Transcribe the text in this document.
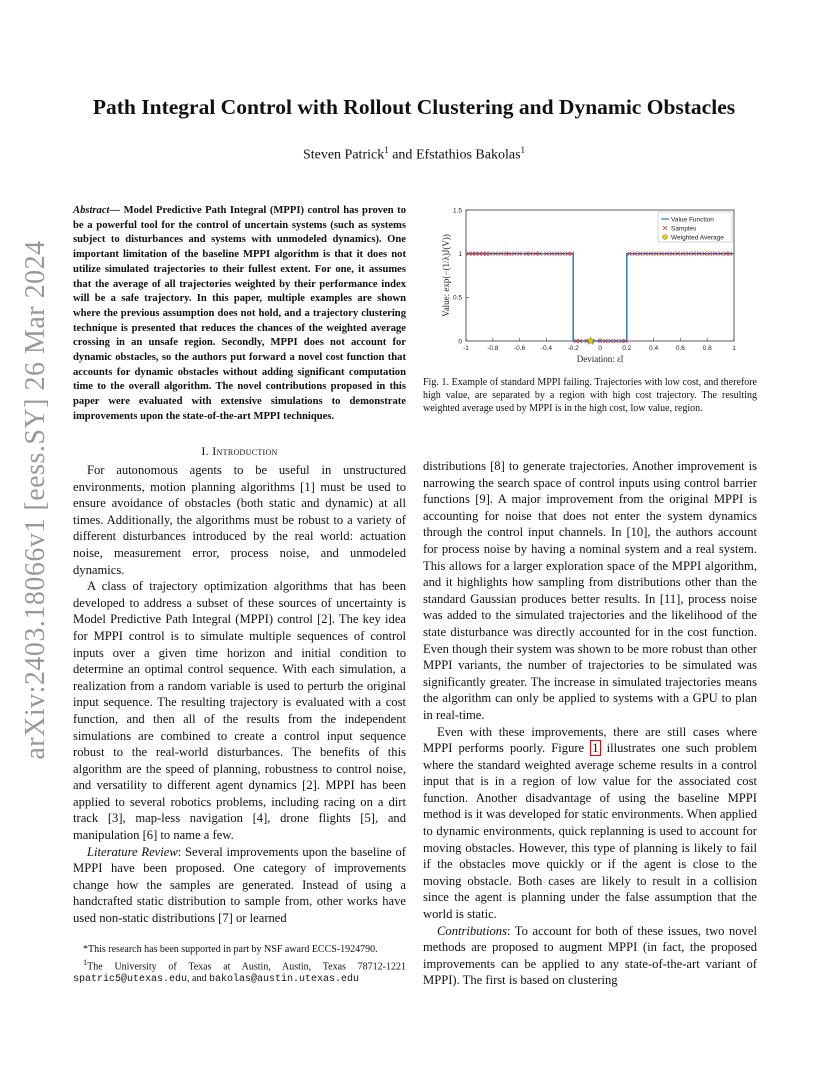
arXiv:2403.18066v1 [eess.SY] 26 Mar 2024
Path Integral Control with Rollout Clustering and Dynamic Obstacles
Steven Patrick$^1$ and Efstathios Bakolas$^1$
Abstract— Model Predictive Path Integral (MPPI) control has proven to be a powerful tool for the control of uncertain systems (such as systems subject to disturbances and systems with unmodeled dynamics). One important limitation of the baseline MPPI algorithm is that it does not utilize simulated trajectories to their fullest extent. For one, it assumes that the average of all trajectories weighted by their performance index will be a safe trajectory. In this paper, multiple examples are shown where the previous assumption does not hold, and a trajectory clustering technique is presented that reduces the chances of the weighted average crossing in an unsafe region. Secondly, MPPI does not account for dynamic obstacles, so the authors put forward a novel cost function that accounts for dynamic obstacles without adding significant computation time to the overall algorithm. The novel contributions proposed in this paper were evaluated with extensive simulations to demonstrate improvements upon the state-of-the-art MPPI techniques.
I. Introduction

For autonomous agents to be useful in unstructured environments, motion planning algorithms [1] must be used to ensure avoidance of obstacles (both static and dynamic) at all times. Additionally, the algorithms must be robust to a variety of different disturbances introduced by the real world: actuation noise, measurement error, process noise, and unmodeled dynamics.

A class of trajectory optimization algorithms that has been developed to address a subset of these sources of uncertainty is Model Predictive Path Integral (MPPI) control [2]. The key idea for MPPI control is to simulate multiple sequences of control inputs over a given time horizon and initial condition to determine an optimal control sequence. With each simulation, a realization from a random variable is used to perturb the original input sequence. The resulting trajectory is evaluated with a cost function, and then all of the results from the independent simulations are combined to create a control input sequence robust to the real-world disturbances. The benefits of this algorithm are the speed of planning, robustness to control noise, and versatility to different agent dynamics [2]. MPPI has been applied to several robotics problems, including racing on a dirt track [3], map-less navigation [4], drone flights [5], and manipulation [6] to name a few.

Literature Review: Several improvements upon the baseline of MPPI have been proposed. One category of improvements change how the samples are generated. Instead of using a handcrafted static distribution to sample from, other works have used non-static distributions [7] or learned

*This research has been supported in part by NSF award ECCS-1924790.
$^1$The University of Texas at Austin, Austin, Texas 78712-1221 spatric5@utexas.edu, and bakolas@austin.utexas.edu
-1	-0.8 -0.6 -0.4 -0.2	0	0.2	0.4	0.6	0.8	1
0
0.5
1
1.5
Deviation: ε̃i
Value: exp(−(1/λ)J(V))
Value Function
Samples
Weighted Average
Fig. 1. Example of standard MPPI failing. Trajectories with low cost, and therefore high value, are separated by a region with high cost trajectory. The resulting weighted average used by MPPI is in the high cost, low value, region.

distributions [8] to generate trajectories. Another improvement is narrowing the search space of control inputs using control barrier functions [9]. A major improvement from the original MPPI is accounting for noise that does not enter the system dynamics through the control input channels. In [10], the authors account for process noise by having a nominal system and a real system. This allows for a larger exploration space of the MPPI algorithm, and it highlights how sampling from distributions other than the standard Gaussian produces better results. In [11], process noise was added to the simulated trajectories and the likelihood of the state disturbance was directly accounted for in the cost function. Even though their system was shown to be more robust than other MPPI variants, the number of trajectories to be simulated was significantly greater. The increase in simulated trajectories means the algorithm can only be applied to systems with a GPU to plan in real-time.

Even with these improvements, there are still cases where MPPI performs poorly. Figure 1 illustrates one such problem where the standard weighted average scheme results in a control input that is in a region of low value for the associated cost function. Another disadvantage of using the baseline MPPI method is it was developed for static environments. When applied to dynamic environments, quick replanning is used to account for moving obstacles. However, this type of planning is likely to fail if the obstacles move quickly or if the agent is close to the moving obstacle. Both cases are likely to result in a collision since the agent is planning under the false assumption that the world is static.

Contributions: To account for both of these issues, two novel methods are proposed to augment MPPI (in fact, the proposed improvements can be applied to any state-of-the-art variant of MPPI). The first is based on clustering
